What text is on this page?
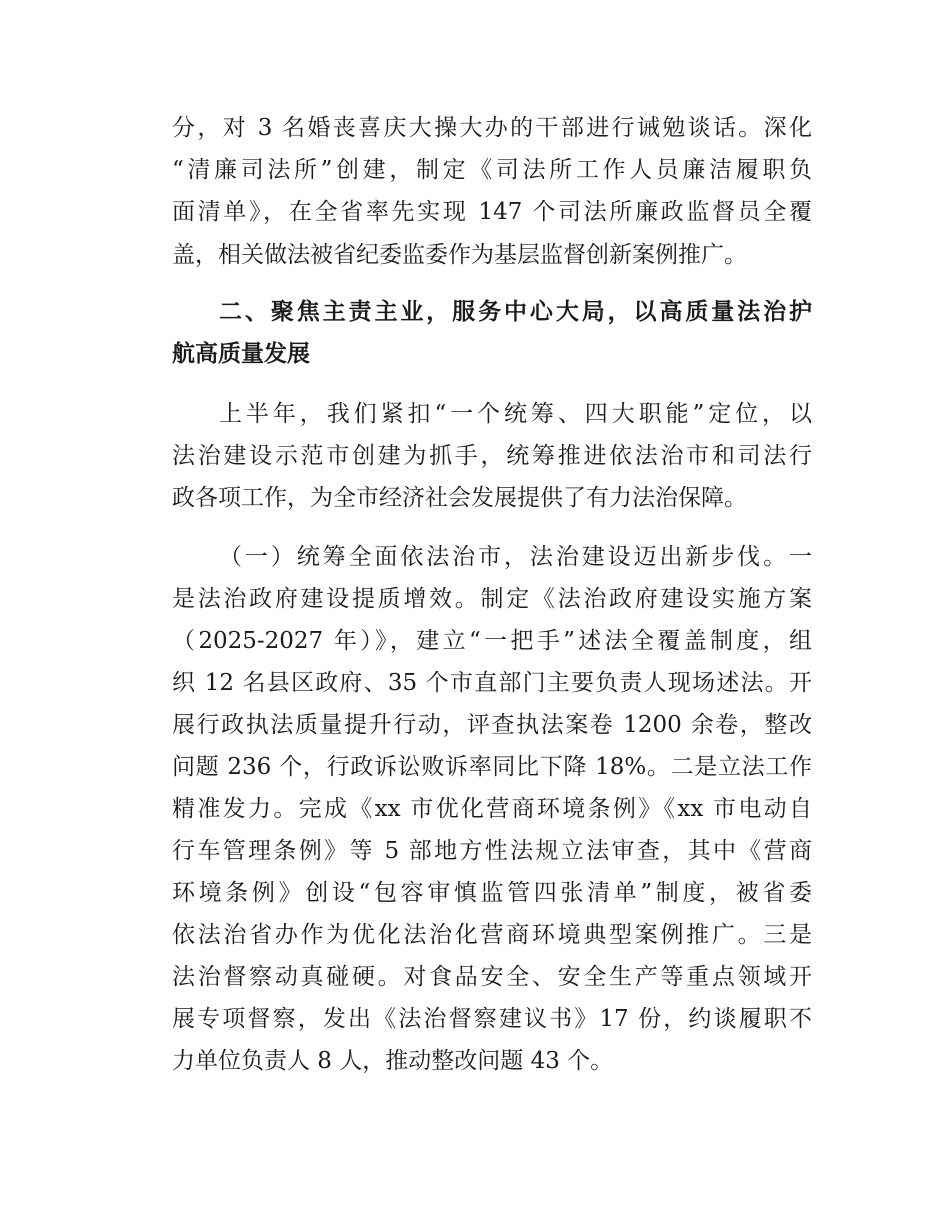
分，对 3 名婚丧喜庆大操大办的干部进行诫勉谈话。深化
“清廉司法所”创建，制定《司法所工作人员廉洁履职负
面清单》，在全省率先实现 147 个司法所廉政监督员全覆
盖，相关做法被省纪委监委作为基层监督创新案例推广。
二、聚焦主责主业，服务中心大局，以高质量法治护
航高质量发展
上半年，我们紧扣“一个统筹、四大职能”定位，以
法治建设示范市创建为抓手，统筹推进依法治市和司法行
政各项工作，为全市经济社会发展提供了有力法治保障。
（一）统筹全面依法治市，法治建设迈出新步伐。一
是法治政府建设提质增效。制定《法治政府建设实施方案
（2025-2027 年）》，建立“一把手”述法全覆盖制度，组
织 12 名县区政府、35 个市直部门主要负责人现场述法。开
展行政执法质量提升行动，评查执法案卷 1200 余卷，整改
问题 236 个，行政诉讼败诉率同比下降 18%。二是立法工作
精准发力。完成《xx 市优化营商环境条例》《xx 市电动自
行车管理条例》等 5 部地方性法规立法审查，其中《营商
环境条例》创设“包容审慎监管四张清单”制度，被省委
依法治省办作为优化法治化营商环境典型案例推广。三是
法治督察动真碰硬。对食品安全、安全生产等重点领域开
展专项督察，发出《法治督察建议书》17 份，约谈履职不
力单位负责人 8 人，推动整改问题 43 个。
